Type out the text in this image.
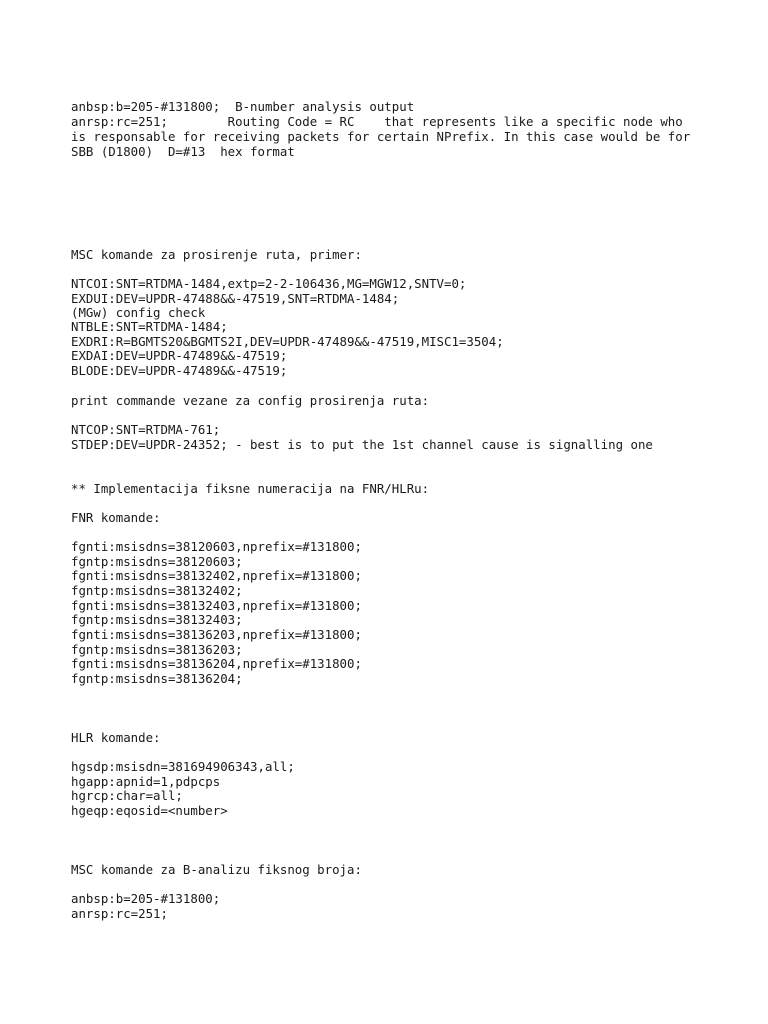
anbsp:b=205-#131800;  B-number analysis output

anrsp:rc=251;        Routing Code = RC    that represents like a specific node who

is responsable for receiving packets for certain NPrefix. In this case would be for

SBB (D1800)  D=#13  hex format

MSC komande za prosirenje ruta, primer:

NTCOI:SNT=RTDMA-1484,extp=2-2-106436,MG=MGW12,SNTV=0;

EXDUI:DEV=UPDR-47488&&-47519,SNT=RTDMA-1484;

(MGw) config check

NTBLE:SNT=RTDMA-1484;

EXDRI:R=BGMTS20&BGMTS2I,DEV=UPDR-47489&&-47519,MISC1=3504;

EXDAI:DEV=UPDR-47489&&-47519;

BLODE:DEV=UPDR-47489&&-47519;

print commande vezane za config prosirenja ruta:

NTCOP:SNT=RTDMA-761;

STDEP:DEV=UPDR-24352; - best is to put the 1st channel cause is signalling one

** Implementacija fiksne numeracija na FNR/HLRu:

FNR komande:

fgnti:msisdns=38120603,nprefix=#131800;

fgntp:msisdns=38120603;

fgnti:msisdns=38132402,nprefix=#131800;

fgntp:msisdns=38132402;

fgnti:msisdns=38132403,nprefix=#131800;

fgntp:msisdns=38132403;

fgnti:msisdns=38136203,nprefix=#131800;

fgntp:msisdns=38136203;

fgnti:msisdns=38136204,nprefix=#131800;

fgntp:msisdns=38136204;

HLR komande:

hgsdp:msisdn=381694906343,all;

hgapp:apnid=1,pdpcps

hgrcp:char=all;

hgeqp:eqosid=<number>

MSC komande za B-analizu fiksnog broja:

anbsp:b=205-#131800;

anrsp:rc=251;
